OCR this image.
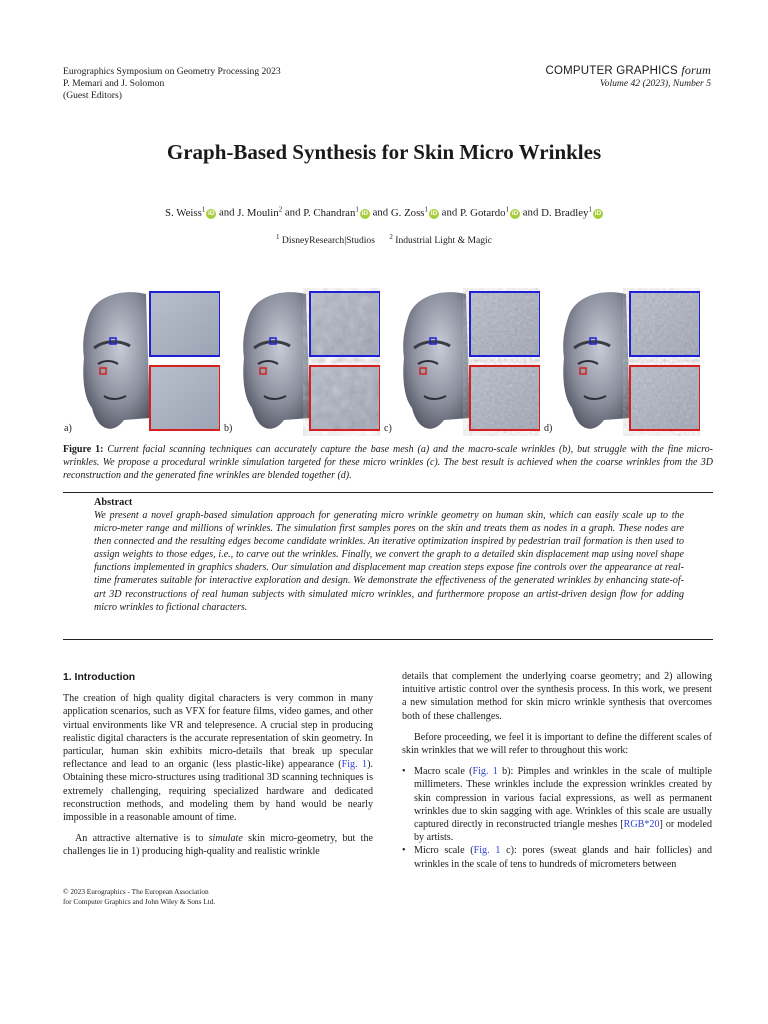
Eurographics Symposium on Geometry Processing 2023
P. Memari and J. Solomon
(Guest Editors)
COMPUTER GRAPHICS forum
Volume 42 (2023), Number 5
Graph-Based Synthesis for Skin Micro Wrinkles
S. Weiss$^1$iD and J. Moulin$^2$ and P. Chandran$^1$iD and G. Zoss$^1$iD and P. Gotardo$^1$iD and D. Bradley$^1$iD
$^1$ DisneyResearch|Studios $^2$ Industrial Light & Magic
a)	b)	c)	d)
Figure 1: Current facial scanning techniques can accurately capture the base mesh (a) and the macro-scale wrinkles (b), but struggle with the fine micro-wrinkles. We propose a procedural wrinkle simulation targeted for these micro wrinkles (c). The best result is achieved when the coarse wrinkles from the 3D reconstruction and the generated fine wrinkles are blended together (d).
Abstract
We present a novel graph-based simulation approach for generating micro wrinkle geometry on human skin, which can easily scale up to the micro-meter range and millions of wrinkles. The simulation first samples pores on the skin and treats them as nodes in a graph. These nodes are then connected and the resulting edges become candidate wrinkles. An iterative optimization inspired by pedestrian trail formation is then used to assign weights to those edges, i.e., to carve out the wrinkles. Finally, we convert the graph to a detailed skin displacement map using novel shape functions implemented in graphics shaders. Our simulation and displacement map creation steps expose fine controls over the appearance at real-time framerates suitable for interactive exploration and design. We demonstrate the effectiveness of the generated wrinkles by enhancing state-of-art 3D reconstructions of real human subjects with simulated micro wrinkles, and furthermore propose an artist-driven design flow for adding micro wrinkles to fictional characters.
1. Introduction

The creation of high quality digital characters is very common in many application scenarios, such as VFX for feature films, video games, and other virtual environments like VR and telepresence. A crucial step in producing realistic digital characters is the accurate representation of skin geometry. In particular, human skin exhibits micro-details that break up specular reflectance and lead to an organic (less plastic-like) appearance (Fig. 1). Obtaining these micro-structures using traditional 3D scanning techniques is extremely challenging, requiring specialized hardware and dedicated reconstruction methods, and modeling them by hand would be nearly impossible in a reasonable amount of time.

An attractive alternative is to simulate skin micro-geometry, but the challenges lie in 1) producing high-quality and realistic wrinkle

details that complement the underlying coarse geometry; and 2) allowing intuitive artistic control over the synthesis process. In this work, we present a new simulation method for skin micro wrinkle synthesis that overcomes both of these challenges.

Before proceeding, we feel it is important to define the different scales of skin wrinkles that we will refer to throughout this work:

• Macro scale (Fig. 1 b): Pimples and wrinkles in the scale of multiple millimeters. These wrinkles include the expression wrinkles created by skin compression in various facial expressions, as well as permanent wrinkles due to skin sagging with age. Wrinkles of this scale are usually captured directly in reconstructed triangle meshes [RGB*20] or modeled by artists.
• Micro scale (Fig. 1 c): pores (sweat glands and hair follicles) and wrinkles in the scale of tens to hundreds of micrometers between
© 2023 Eurographics - The European Association
for Computer Graphics and John Wiley & Sons Ltd.
